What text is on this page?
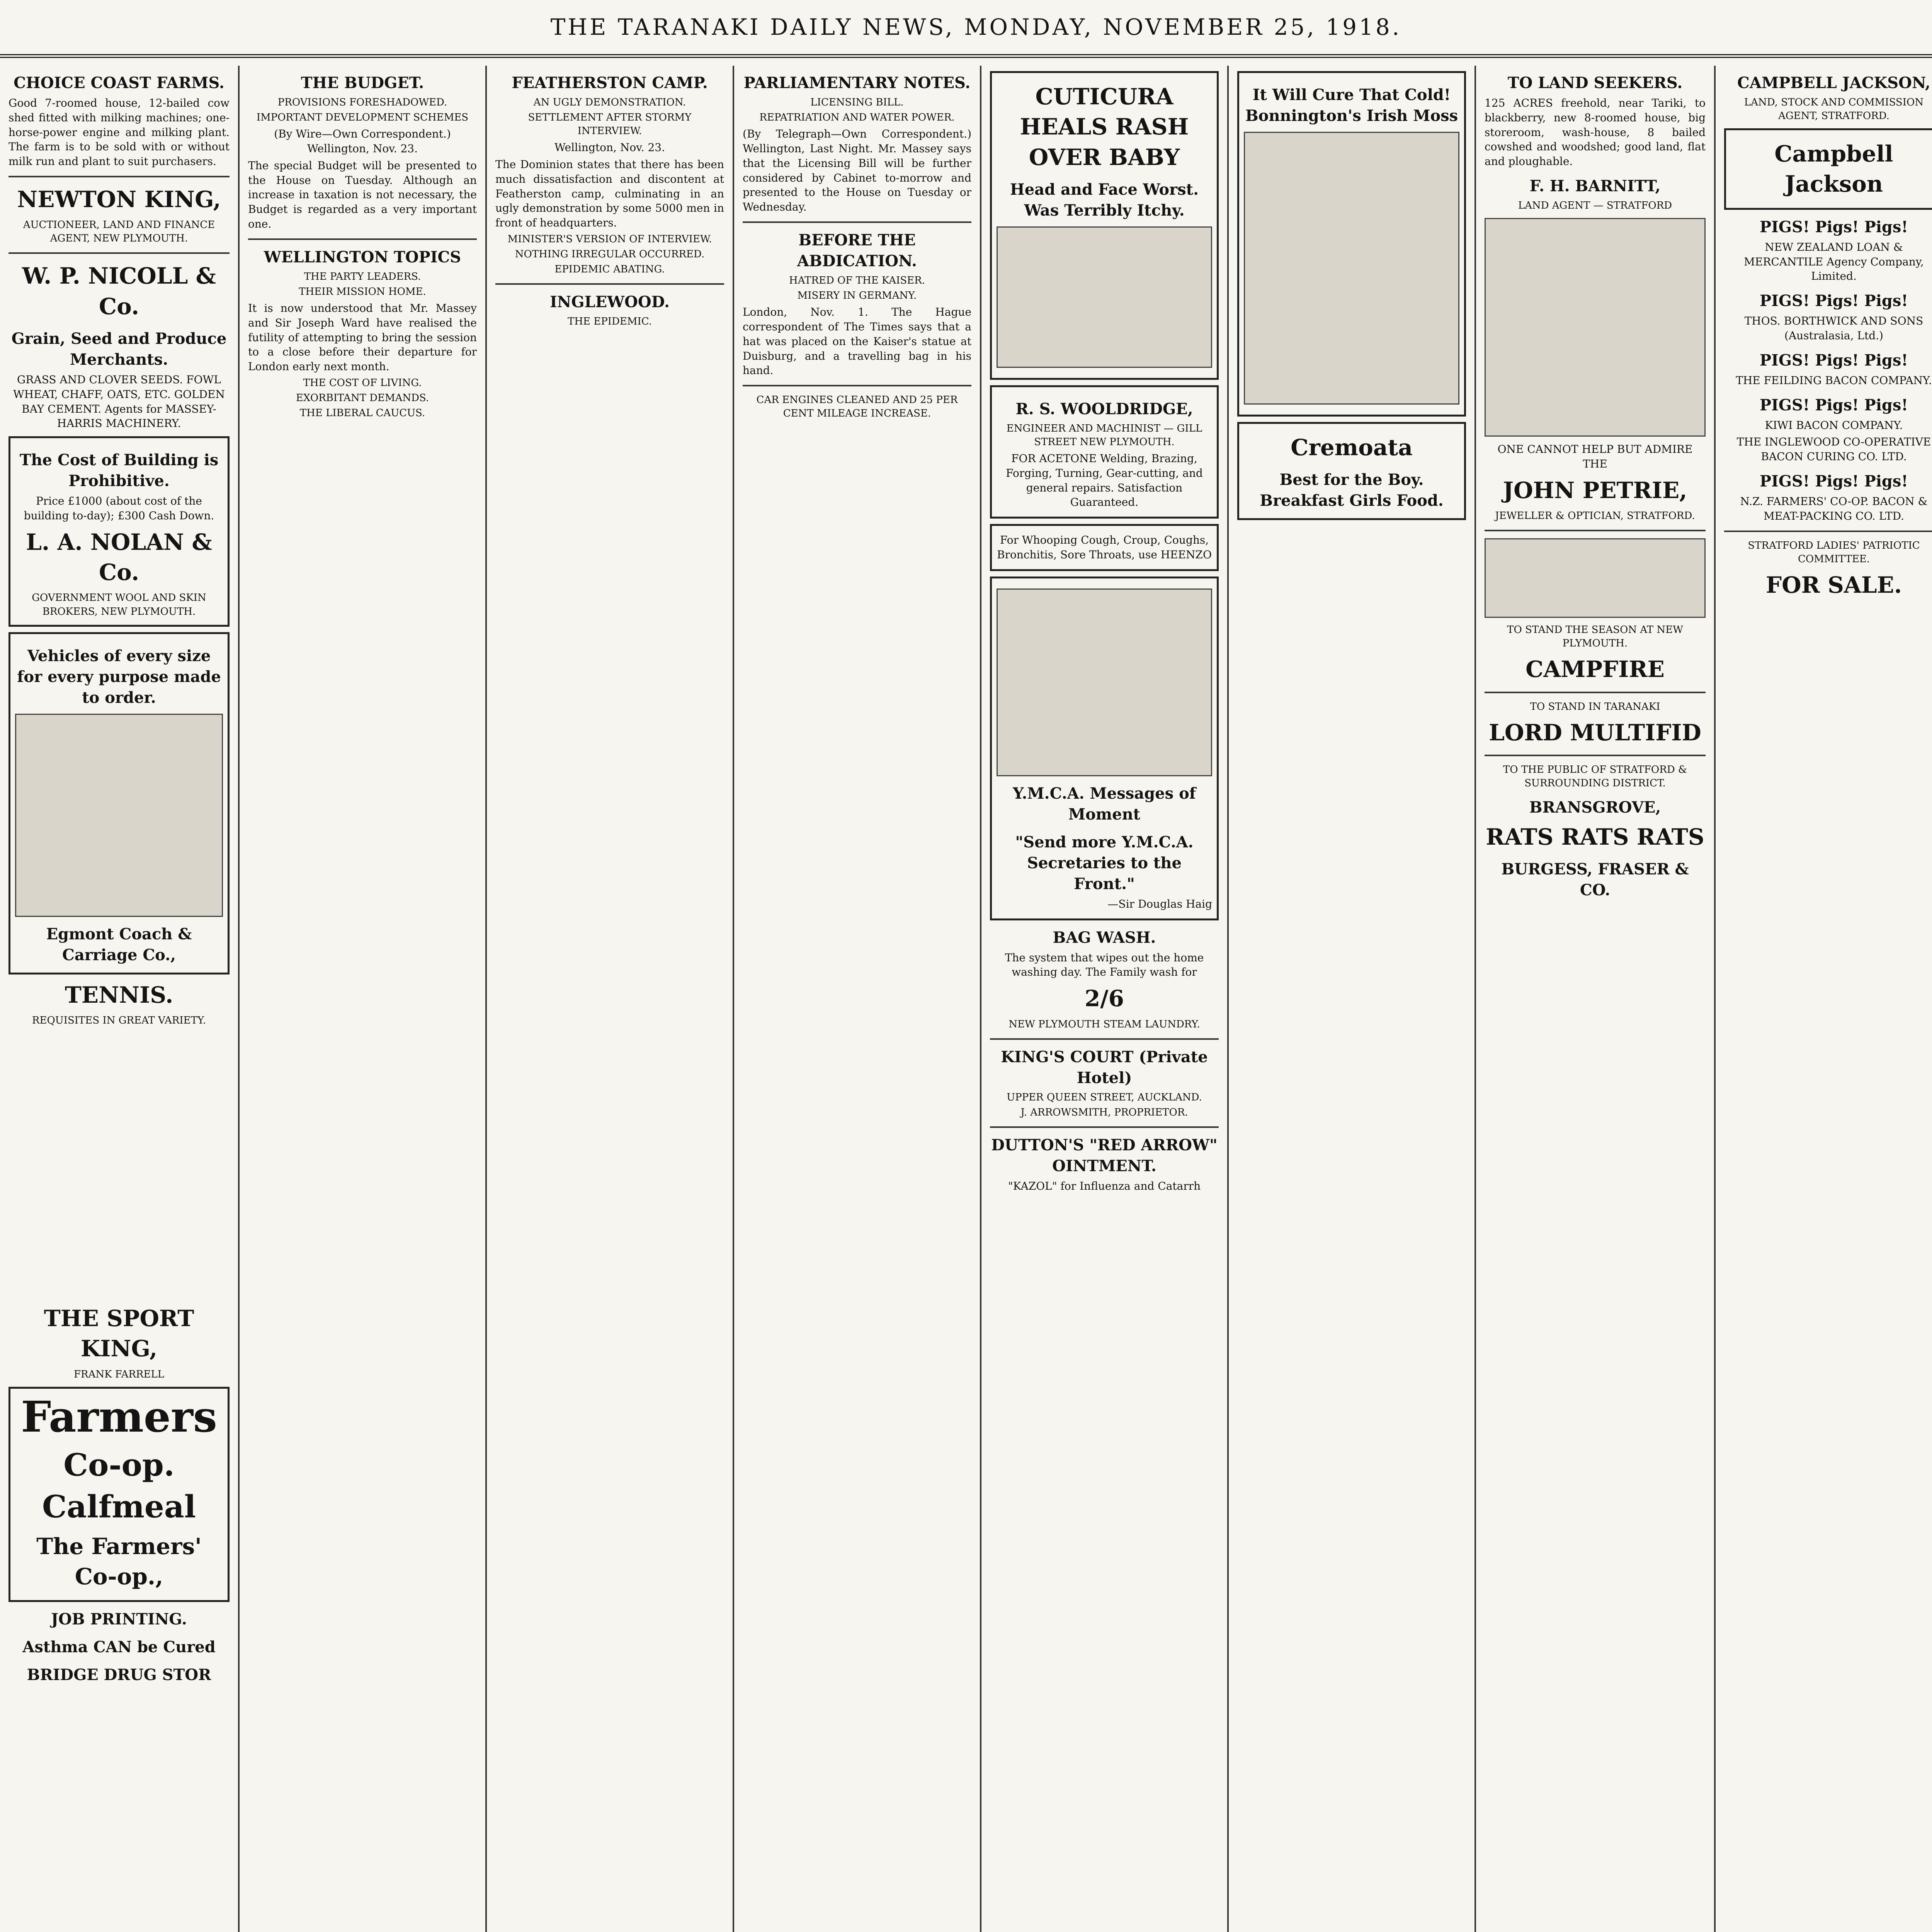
THE TARANAKI DAILY NEWS, MONDAY, NOVEMBER 25, 1918.
CHOICE COAST FARMS.

Good 7-roomed house, 12-bailed cow shed fitted with milking machines; one-horse-power engine and milking plant. The farm is to be sold with or without milk run and plant to suit purchasers.

NEWTON KING,
AUCTIONEER, LAND AND FINANCE AGENT, NEW PLYMOUTH.
W. P. NICOLL & Co.
Grain, Seed and Produce Merchants.

GRASS AND CLOVER SEEDS. FOWL WHEAT, CHAFF, OATS, ETC. GOLDEN BAY CEMENT. Agents for MASSEY-HARRIS MACHINERY.

The Cost of Building is Prohibitive.

Price £1000 (about cost of the building to-day); £300 Cash Down.

L. A. NOLAN & Co.
GOVERNMENT WOOL AND SKIN BROKERS, NEW PLYMOUTH.
Vehicles of every size for every purpose made to order.
Egmont Coach & Carriage Co.,
TENNIS.
REQUISITES IN GREAT VARIETY.
THE SPORT KING,
FRANK FARRELL
Farmers
Co-op. Calfmeal
The Farmers' Co-op.,
JOB PRINTING.
Asthma CAN be Cured
BRIDGE DRUG STOR
THE BUDGET.
PROVISIONS FORESHADOWED.
IMPORTANT DEVELOPMENT SCHEMES

(By Wire—Own Correspondent.) Wellington, Nov. 23.

The special Budget will be presented to the House on Tuesday. Although an increase in taxation is not necessary, the Budget is regarded as a very important one.

WELLINGTON TOPICS
THE PARTY LEADERS.
THEIR MISSION HOME.

It is now understood that Mr. Massey and Sir Joseph Ward have realised the futility of attempting to bring the session to a close before their departure for London early next month.

THE COST OF LIVING.
EXORBITANT DEMANDS.
THE LIBERAL CAUCUS.
FEATHERSTON CAMP.
AN UGLY DEMONSTRATION.
SETTLEMENT AFTER STORMY INTERVIEW.

Wellington, Nov. 23.

The Dominion states that there has been much dissatisfaction and discontent at Featherston camp, culminating in an ugly demonstration by some 5000 men in front of headquarters.

MINISTER'S VERSION OF INTERVIEW.
NOTHING IRREGULAR OCCURRED.
EPIDEMIC ABATING.
INGLEWOOD.
THE EPIDEMIC.
PARLIAMENTARY NOTES.
LICENSING BILL.
REPATRIATION AND WATER POWER.

(By Telegraph—Own Correspondent.) Wellington, Last Night. Mr. Massey says that the Licensing Bill will be further considered by Cabinet to-morrow and presented to the House on Tuesday or Wednesday.

BEFORE THE ABDICATION.
HATRED OF THE KAISER.
MISERY IN GERMANY.

London, Nov. 1. The Hague correspondent of The Times says that a hat was placed on the Kaiser's statue at Duisburg, and a travelling bag in his hand.

CAR ENGINES CLEANED AND 25 PER CENT MILEAGE INCREASE.
CUTICURA HEALS RASH OVER BABY
Head and Face Worst. Was Terribly Itchy.
R. S. WOOLDRIDGE,
ENGINEER AND MACHINIST — GILL STREET NEW PLYMOUTH.

FOR ACETONE Welding, Brazing, Forging, Turning, Gear-cutting, and general repairs. Satisfaction Guaranteed.

For Whooping Cough, Croup, Coughs, Bronchitis, Sore Throats, use HEENZO

Y.M.C.A. Messages of Moment
"Send more Y.M.C.A. Secretaries to the Front."

—Sir Douglas Haig

BAG WASH.

The system that wipes out the home washing day. The Family wash for

2/6
NEW PLYMOUTH STEAM LAUNDRY.
KING'S COURT (Private Hotel)
UPPER QUEEN STREET, AUCKLAND.
J. ARROWSMITH, PROPRIETOR.
DUTTON'S "RED ARROW" OINTMENT.

"KAZOL" for Influenza and Catarrh

It Will Cure That Cold! Bonnington's Irish Moss
Cremoata
Best for the Boy. Breakfast Girls Food.
TO LAND SEEKERS.

125 ACRES freehold, near Tariki, to blackberry, new 8-roomed house, big storeroom, wash-house, 8 bailed cowshed and woodshed; good land, flat and ploughable.

F. H. BARNITT,
LAND AGENT — STRATFORD

ONE CANNOT HELP BUT ADMIRE THE

JOHN PETRIE,
JEWELLER & OPTICIAN, STRATFORD.
TO STAND THE SEASON AT NEW PLYMOUTH.
CAMPFIRE
TO STAND IN TARANAKI
LORD MULTIFID
TO THE PUBLIC OF STRATFORD & SURROUNDING DISTRICT.
BRANSGROVE,
RATS RATS RATS
BURGESS, FRASER & CO.
CAMPBELL JACKSON,
LAND, STOCK AND COMMISSION AGENT, STRATFORD.
Campbell Jackson
PIGS! Pigs! Pigs!

NEW ZEALAND LOAN & MERCANTILE Agency Company, Limited.

PIGS! Pigs! Pigs!

THOS. BORTHWICK AND SONS (Australasia, Ltd.)

PIGS! Pigs! Pigs!

THE FEILDING BACON COMPANY.

PIGS! Pigs! Pigs!

KIWI BACON COMPANY.

THE INGLEWOOD CO-OPERATIVE BACON CURING CO. LTD.

PIGS! Pigs! Pigs!

N.Z. FARMERS' CO-OP. BACON & MEAT-PACKING CO. LTD.

STRATFORD LADIES' PATRIOTIC COMMITTEE.
FOR SALE.
